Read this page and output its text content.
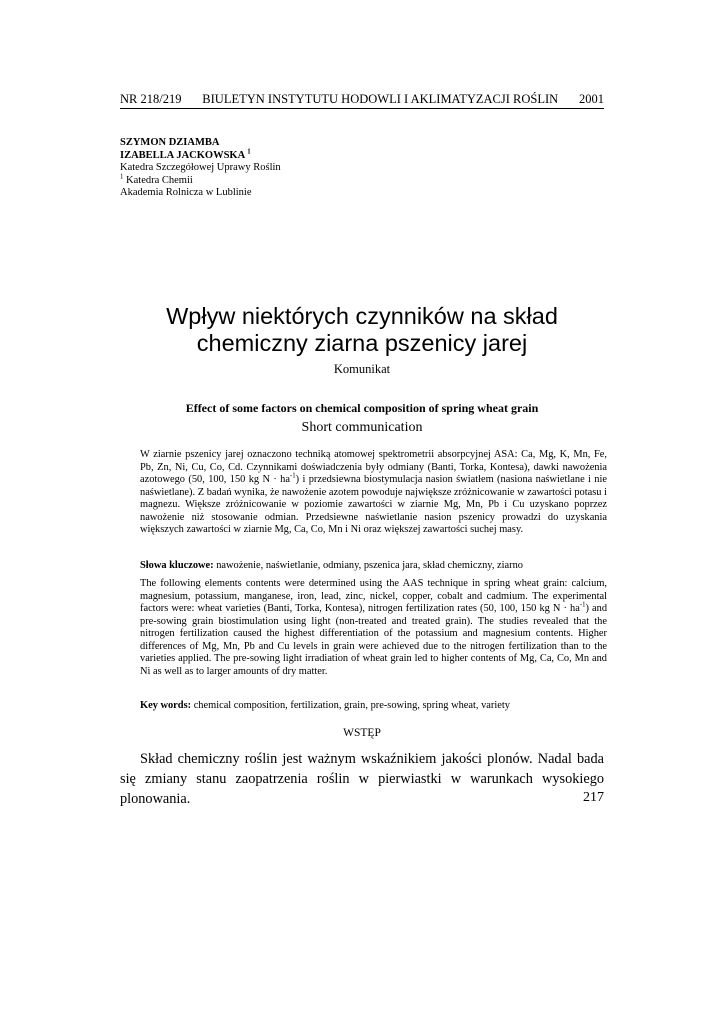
NR 218/219 BIULETYN INSTYTUTU HODOWLI I AKLIMATYZACJI ROŚLIN 2001
SZYMON DZIAMBA
IZABELLA JACKOWSKA $^1$
Katedra Szczegółowej Uprawy Roślin
$^1$ Katedra Chemii
Akademia Rolnicza w Lublinie
Wpływ niektórych czynników na skład
chemiczny ziarna pszenicy jarej
Komunikat
Effect of some factors on chemical composition of spring wheat grain
Short communication

W ziarnie pszenicy jarej oznaczono techniką atomowej spektrometrii absorpcyjnej ASA: Ca, Mg, K, Mn, Fe, Pb, Zn, Ni, Cu, Co, Cd. Czynnikami doświadczenia były odmiany (Banti, Torka, Kontesa), dawki nawożenia azotowego (50, 100, 150 kg $N \cdot ha^{-1}$) i przedsiewna biostymulacja nasion światłem (nasiona naświetlane i nie naświetlane). Z badań wynika, że nawożenie azotem powoduje największe zróżnicowanie w zawartości potasu i magnezu. Większe zróżnicowanie w poziomie zawartości w ziarnie Mg, Mn, Pb i Cu uzyskano poprzez nawożenie niż stosowanie odmian. Przedsiewne naświetlanie nasion pszenicy prowadzi do uzyskania większych zawartości w ziarnie Mg, Ca, Co, Mn i Ni oraz większej zawartości suchej masy.

Słowa kluczowe: nawożenie, naświetlanie, odmiany, pszenica jara, skład chemiczny, ziarno

The following elements contents were determined using the AAS technique in spring wheat grain: calcium, magnesium, potassium, manganese, iron, lead, zinc, nickel, copper, cobalt and cadmium. The experimental factors were: wheat varieties (Banti, Torka, Kontesa), nitrogen fertilization rates (50, 100, 150 kg $N \cdot ha^{-1}$) and pre-sowing grain biostimulation using light (non-treated and treated grain). The studies revealed that the nitrogen fertilization caused the highest differentiation of the potassium and magnesium contents. Higher differences of Mg, Mn, Pb and Cu levels in grain were achieved due to the nitrogen fertilization than to the varieties applied. The pre-sowing light irradiation of wheat grain led to higher contents of Mg, Ca, Co, Mn and Ni as well as to larger amounts of dry matter.

Key words: chemical composition, fertilization, grain, pre-sowing, spring wheat, variety

WSTĘP

Skład chemiczny roślin jest ważnym wskaźnikiem jakości plonów. Nadal bada się zmiany stanu zaopatrzenia roślin w pierwiastki w warunkach wysokiego plonowania.	217
